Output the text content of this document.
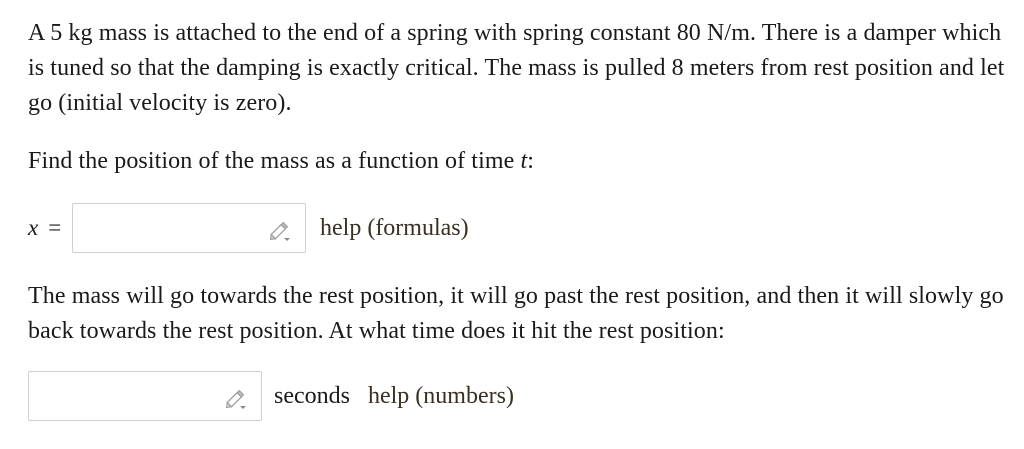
A 5 kg mass is attached to the end of a spring with spring constant 80 N/m. There is a damper which is tuned so that the damping is exactly critical. The mass is pulled 8 meters from rest position and let go (initial velocity is zero).

Find the position of the mass as a function of time t:

x =	help (formulas)

The mass will go towards the rest position, it will go past the rest position, and then it will slowly go back towards the rest position. At what time does it hit the rest position:

seconds help (numbers)
